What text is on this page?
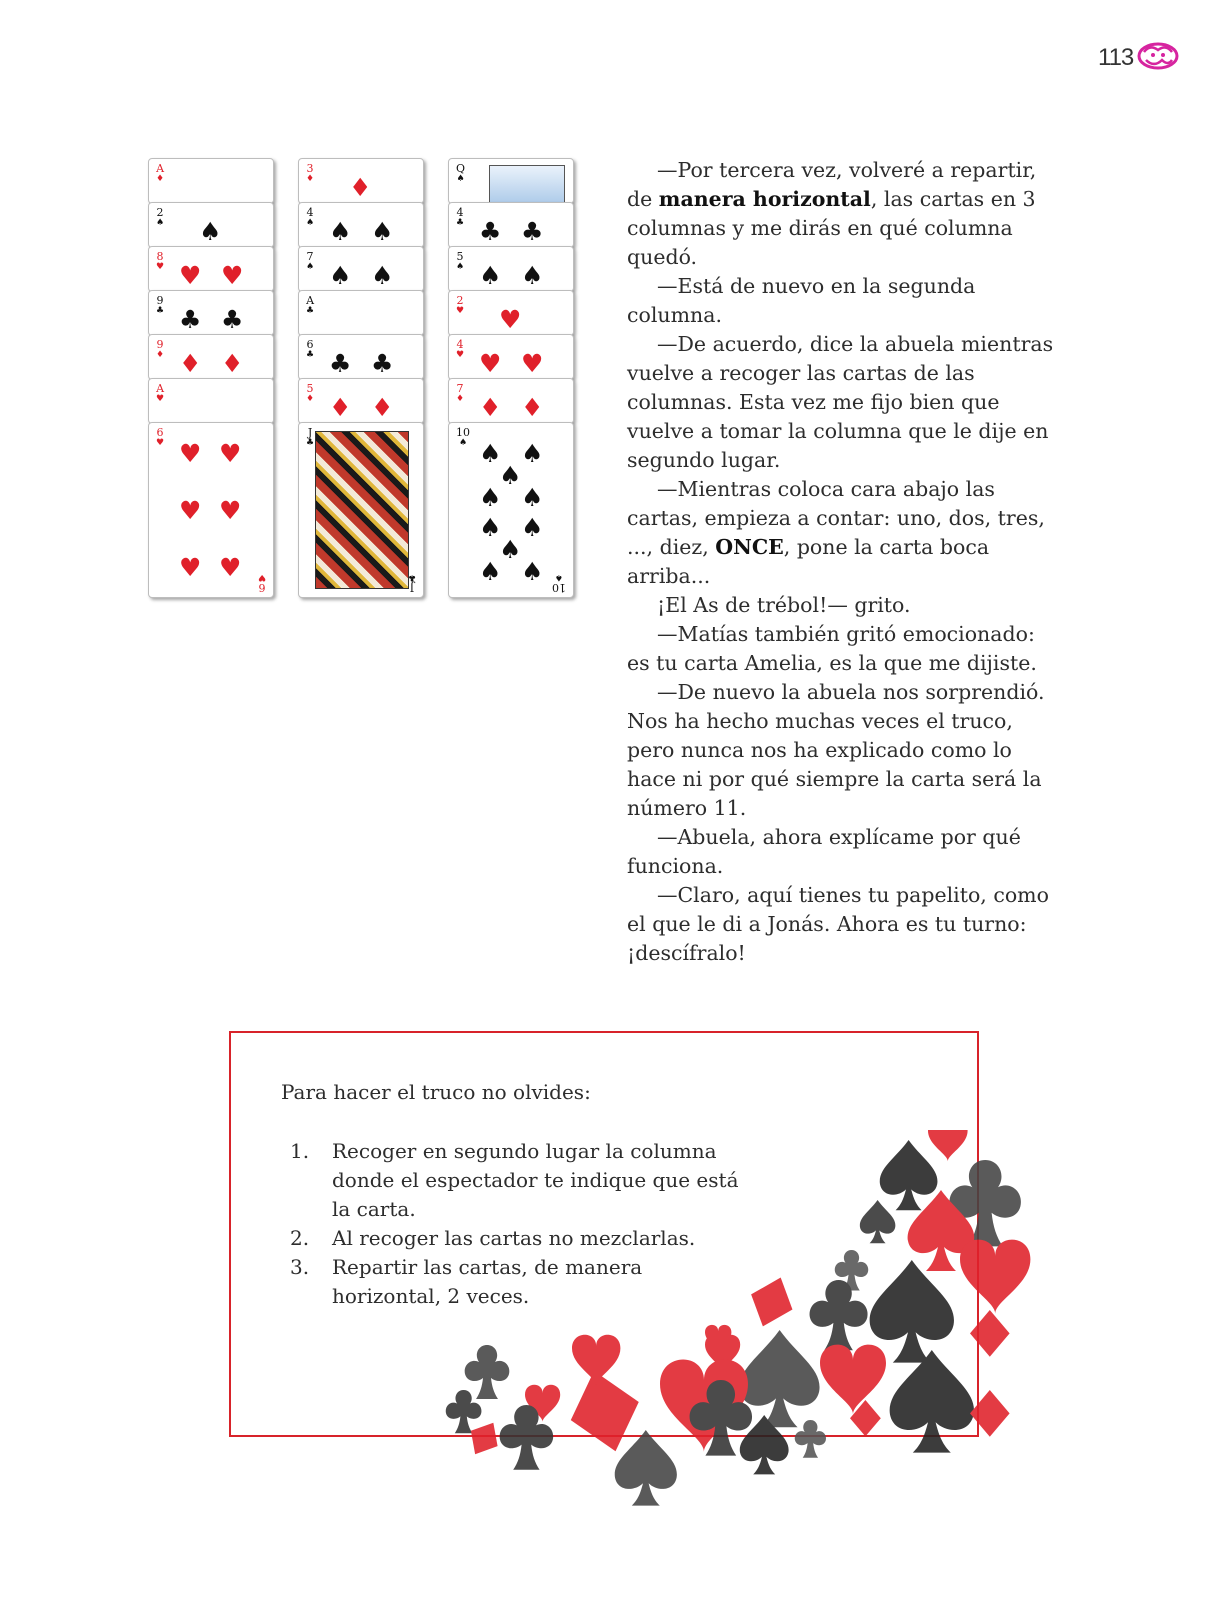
113
A
♦
2
♠ ♠
8
♥ ♥ ♥
9
♣ ♣ ♣
9
♦ ♦ ♦
A
♥
6
♥ ♥ ♥
♥ ♥
♥ ♥
6
♥
3
♦ ♦
4
♠ ♠ ♠
7
♠ ♠ ♠
A
♣
6
♣ ♣ ♣
5
♦ ♦ ♦
J
♣
J
♣
Q
♠
4
♣ ♣ ♣
5
♠ ♠ ♠
2
♥ ♥
4
♥ ♥ ♥
7
♦ ♦ ♦
10
♠ ♠ ♠
♠
♠ ♠
♠ ♠
♠
♠ ♠
10
♠

—Por tercera vez, volveré a repartir, de manera horizontal, las cartas en 3 columnas y me dirás en qué columna quedó.

—Está de nuevo en la segunda columna.

—De acuerdo, dice la abuela mientras vuelve a recoger las cartas de las columnas. Esta vez me fijo bien que vuelve a tomar la columna que le dije en segundo lugar.

—Mientras coloca cara abajo las cartas, empieza a contar: uno, dos, tres, ..., diez, ONCE, pone la carta boca arriba...

¡El As de trébol!— grito.

—Matías también gritó emocionado: es tu carta Amelia, es la que me dijiste.

—De nuevo la abuela nos sorprendió. Nos ha hecho muchas veces el truco, pero nunca nos ha explicado como lo hace ni por qué siempre la carta será la número 11.

—Abuela, ahora explícame por qué funciona.

—Claro, aquí tienes tu papelito, como el que le di a Jonás. Ahora es tu turno: ¡descífralo!

Para hacer el truco no olvides:
1. Recoger en segundo lugar la columna donde el espectador te indique que está la carta.
2. Al recoger las cartas no mezclarlas.
3. Repartir las cartas, de manera horizontal, 2 veces.
